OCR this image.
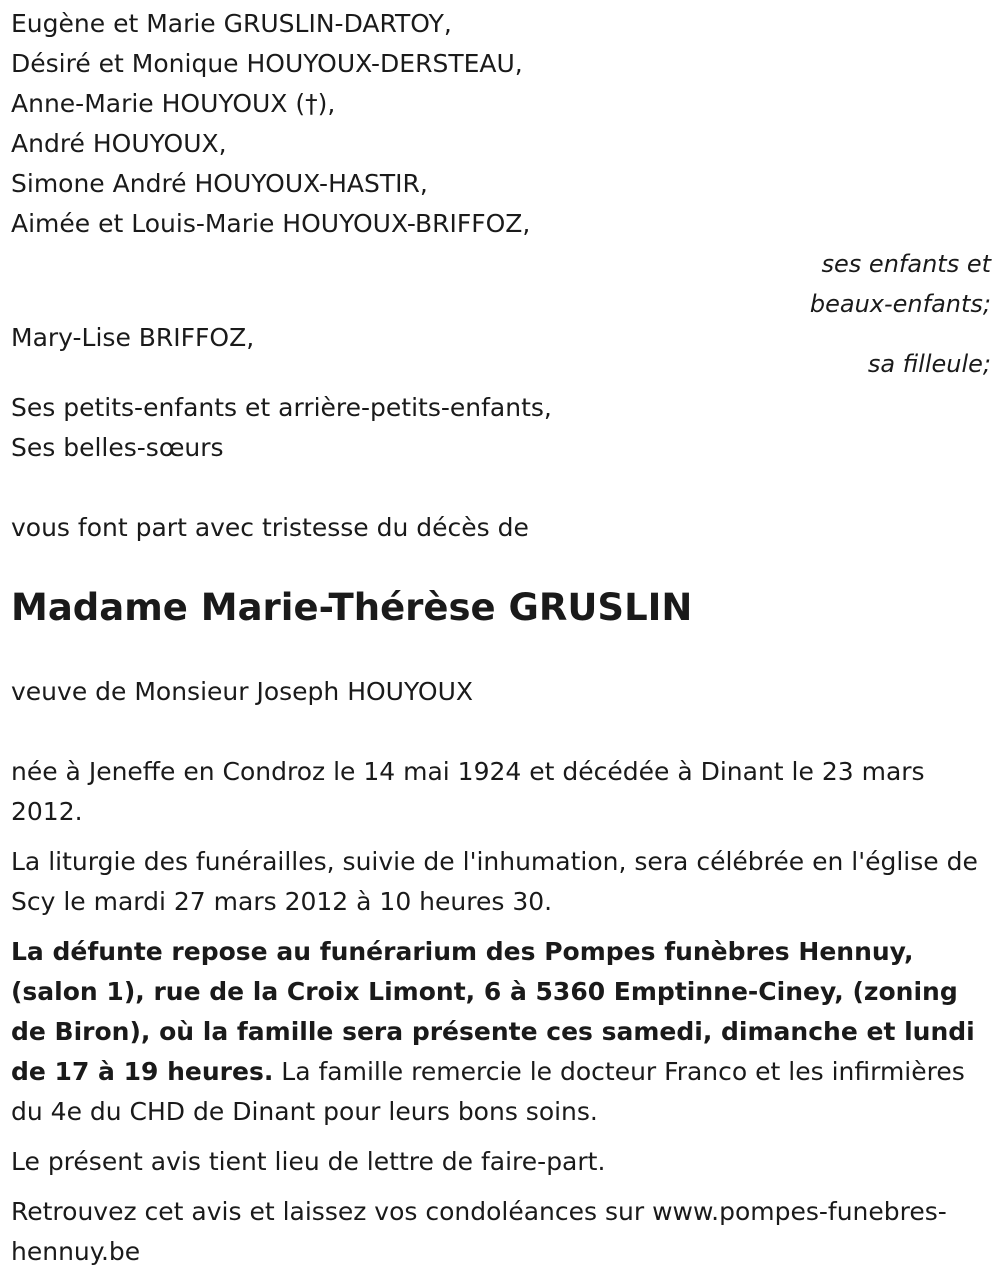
Eugène et Marie GRUSLIN-DARTOY,
Désiré et Monique HOUYOUX-DERSTEAU,
Anne-Marie HOUYOUX (†),
André HOUYOUX,
Simone André HOUYOUX-HASTIR,
Aimée et Louis-Marie HOUYOUX-BRIFFOZ,
ses enfants et
beaux-enfants;
Mary-Lise BRIFFOZ,
sa filleule;
Ses petits-enfants et arrière-petits-enfants,
Ses belles-sœurs
vous font part avec tristesse du décès de
Madame Marie-Thérèse GRUSLIN
veuve de Monsieur Joseph HOUYOUX
née à Jeneffe en Condroz le 14 mai 1924 et décédée à Dinant le 23 mars 2012.
La liturgie des funérailles, suivie de l'inhumation, sera célébrée en l'église de Scy le mardi 27 mars 2012 à 10 heures 30.
La défunte repose au funérarium des Pompes funèbres Hennuy, (salon 1), rue de la Croix Limont, 6 à 5360 Emptinne-Ciney, (zoning de Biron), où la famille sera présente ces samedi, dimanche et lundi de 17 à 19 heures. La famille remercie le docteur Franco et les infirmières du 4e du CHD de Dinant pour leurs bons soins.
Le présent avis tient lieu de lettre de faire-part.
Retrouvez cet avis et laissez vos condoléances sur www.pompes-funebres-hennuy.be
